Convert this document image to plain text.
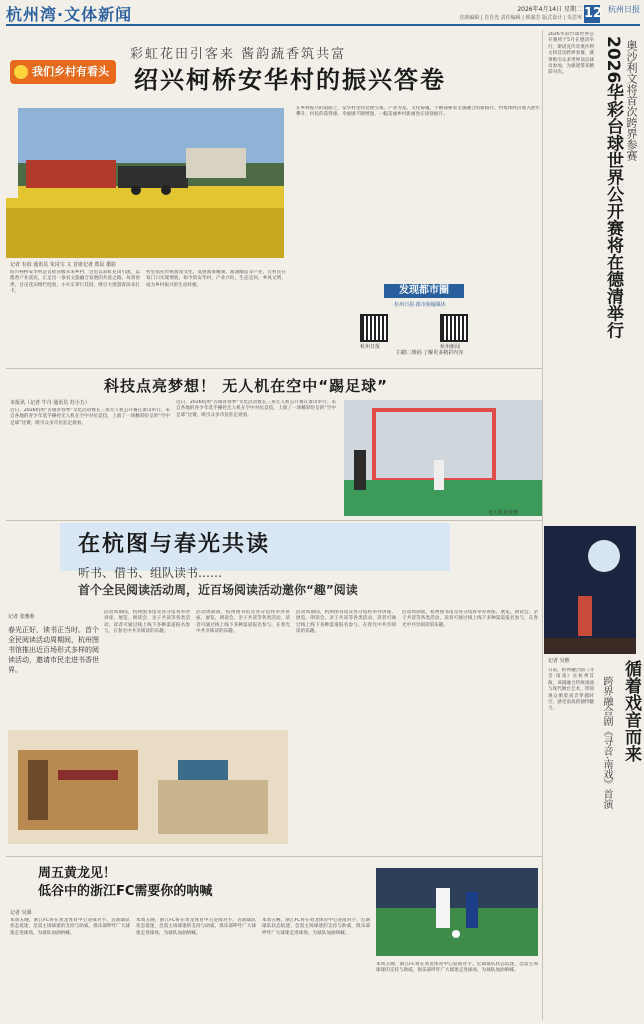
杭州湾·文体新闻	2026年4月14日 星期二
首席编辑 | 肖自光 责任编辑 | 韩谋芳 版式设计 | 朱思岑 12 杭州日报
我们乡村有看头
彩虹花田引客来 酱韵蔬香筑共富
绍兴柯桥安华村的振兴答卷
记者 有蓓 通讯员 朱岗宝 文 首席记者 郑民 摄影
绍兴柯桥安华村是首批省级未来乡村，这里以彩虹花田引流，以酱香产业富民，正走出一条农文旅融合发展的共富之路。每到春季，百亩花田绚烂绽放，小火车穿行其间，吸引大批游客前来打卡。
村里依托传统酱园文化，发展酱菜腌制、酱油酿造等产业，让村民在家门口实现增收。如今的安华村，产业兴旺、生态宜居、乡风文明，成为乡村振兴的生动样板。
在乡村振兴的道路上，安华村坚持党建引领、产业为基、文化铸魂，不断探索农文旅融合的新路径。村集体经济收入逐年攀升，村民的获得感、幸福感不断增强，一幅美丽乡村新画卷正徐徐展开。
发现都市圈
杭州日报·都市圈融媒体
杭州日报	杭州新闻
扫描二维码 了解更多精彩内容
科技点亮梦想！ 无人机在空中“踢足球”
本报讯（记者 牛丹 通讯员 苏小五）
近日，2026杭州“古镇青春季”文化活动暨长三角无人机公开赛在萧山举行。来自各地的青少年选手操控无人机在空中对抗竞技，上演了一场精彩纷呈的“空中足球”比赛，吸引众多市民驻足观看。
近日，2026杭州“古镇青春季”文化活动暨长三角无人机公开赛在萧山举行。来自各地的青少年选手操控无人机在空中对抗竞技，上演了一场精彩纷呈的“空中足球”比赛，吸引众多市民驻足观看。
无人机足球赛
在杭图与春光共读
听书、借书、组队读书……
首个全民阅读活动周，近百场阅读活动邀你“趣”阅读
记者 张雅莉
春光正好，读书正当时。首个全民阅读活动周期间，杭州图书馆推出近百场形式多样的阅读活动，邀请市民走进书香世界。
活动周期间，杭州图书馆及各分馆将举办讲座、展览、朗读会、亲子共读等各类活动，读者可通过线上线下多种渠道报名参与，在春光中共享阅读的乐趣。
活动周期间，杭州图书馆及各分馆将举办讲座、展览、朗读会、亲子共读等各类活动，读者可通过线上线下多种渠道报名参与，在春光中共享阅读的乐趣。
活动周期间，杭州图书馆及各分馆将举办讲座、展览、朗读会、亲子共读等各类活动，读者可通过线上线下多种渠道报名参与，在春光中共享阅读的乐趣。
活动周期间，杭州图书馆及各分馆将举办讲座、展览、朗读会、亲子共读等各类活动，读者可通过线上线下多种渠道报名参与，在春光中共享阅读的乐趣。
周五黄龙见！
低谷中的浙江FC需要你的呐喊
记者 吴源
本周五晚，浙江FC将在黄龙体育中心迎战对手。近期球队状态低迷，急需主场球迷的支持与助威，俱乐部呼吁广大球迷走进球场，为球队加油呐喊。
本周五晚，浙江FC将在黄龙体育中心迎战对手。近期球队状态低迷，急需主场球迷的支持与助威，俱乐部呼吁广大球迷走进球场，为球队加油呐喊。
本周五晚，浙江FC将在黄龙体育中心迎战对手。近期球队状态低迷，急需主场球迷的支持与助威，俱乐部呼吁广大球迷走进球场，为球队加油呐喊。
本周五晚，浙江FC将在黄龙体育中心迎战对手。近期球队状态低迷，急需主场球迷的支持与助威，俱乐部呼吁广大球迷走进球场，为球队加油呐喊。
2026华彩台球世界公开赛将于5月在德清举行，斯诺克传奇奥沙利文将首次跨界参赛，赛事吸引众多世界顶尖球员参加，为球迷带来精彩对决。	2026华彩台球世界公开赛将在德清举行 奥沙利文将首次跨界参赛
记者 吴维
日前，跨界融合剧《寻音·南戏》在杭州首演，该剧融合传统戏曲与现代舞台艺术，带领观众循着戏音穿越时空，感受南戏的独特魅力。	循着戏音而来
跨界融合剧《寻音·南戏》首演
